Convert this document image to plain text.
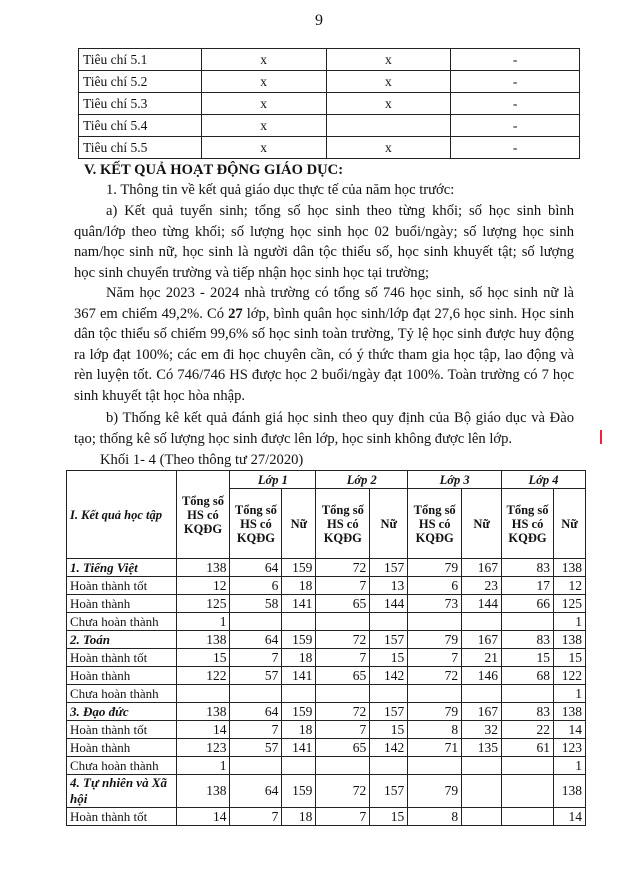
9
Tiêu chí 5.1	x	x	-
Tiêu chí 5.2	x	x	-
Tiêu chí 5.3	x	x	-
Tiêu chí 5.4	x		-
Tiêu chí 5.5	x	x	-
V. KẾT QUẢ HOẠT ĐỘNG GIÁO DỤC:
1. Thông tin về kết quả giáo dục thực tế của năm học trước:
a) Kết quả tuyển sinh; tổng số học sinh theo từng khối; số học sinh bình quân/lớp theo từng khối; số lượng học sinh học 02 buổi/ngày; số lượng học sinh nam/học sinh nữ, học sinh là người dân tộc thiểu số, học sinh khuyết tật; số lượng học sinh chuyển trường và tiếp nhận học sinh học tại trường;
Năm học 2023 - 2024 nhà trường có tổng số 746 học sinh, số học sinh nữ là 367 em chiếm 49,2%. Có 27 lớp, bình quân học sinh/lớp đạt 27,6 học sinh. Học sinh dân tộc thiểu số chiếm 99,6% số học sinh toàn trường, Tỷ lệ học sinh được huy động ra lớp đạt 100%; các em đi học chuyên cần, có ý thức tham gia học tập, lao động và rèn luyện tốt. Có 746/746 HS được học 2 buổi/ngày đạt 100%. Toàn trường có 7 học sinh khuyết tật học hòa nhập.
b) Thống kê kết quả đánh giá học sinh theo quy định của Bộ giáo dục và Đào tạo; thống kê số lượng học sinh được lên lớp, học sinh không được lên lớp.
Khối 1- 4 (Theo thông tư 27/2020)
I. Kết quả học tập	Tổng số HS có KQĐG	Lớp 1		Lớp 2		Lớp 3		Lớp 4	
		Tổng số HS có KQĐG	Nữ	Tổng số HS có KQĐG	Nữ	Tổng số HS có KQĐG	Nữ	Tổng số HS có KQĐG	Nữ
1. Tiếng Việt	138	64	159	72	157	79	167	83	138
Hoàn thành tốt	12	6	18	7	13	6	23	17	12
Hoàn thành	125	58	141	65	144	73	144	66	125
Chưa hoàn thành	1								1
2. Toán	138	64	159	72	157	79	167	83	138
Hoàn thành tốt	15	7	18	7	15	7	21	15	15
Hoàn thành	122	57	141	65	142	72	146	68	122
Chưa hoàn thành									1
3. Đạo đức	138	64	159	72	157	79	167	83	138
Hoàn thành tốt	14	7	18	7	15	8	32	22	14
Hoàn thành	123	57	141	65	142	71	135	61	123
Chưa hoàn thành	1								1
4. Tự nhiên và Xã hội	138	64	159	72	157	79			138
Hoàn thành tốt	14	7	18	7	15	8			14
